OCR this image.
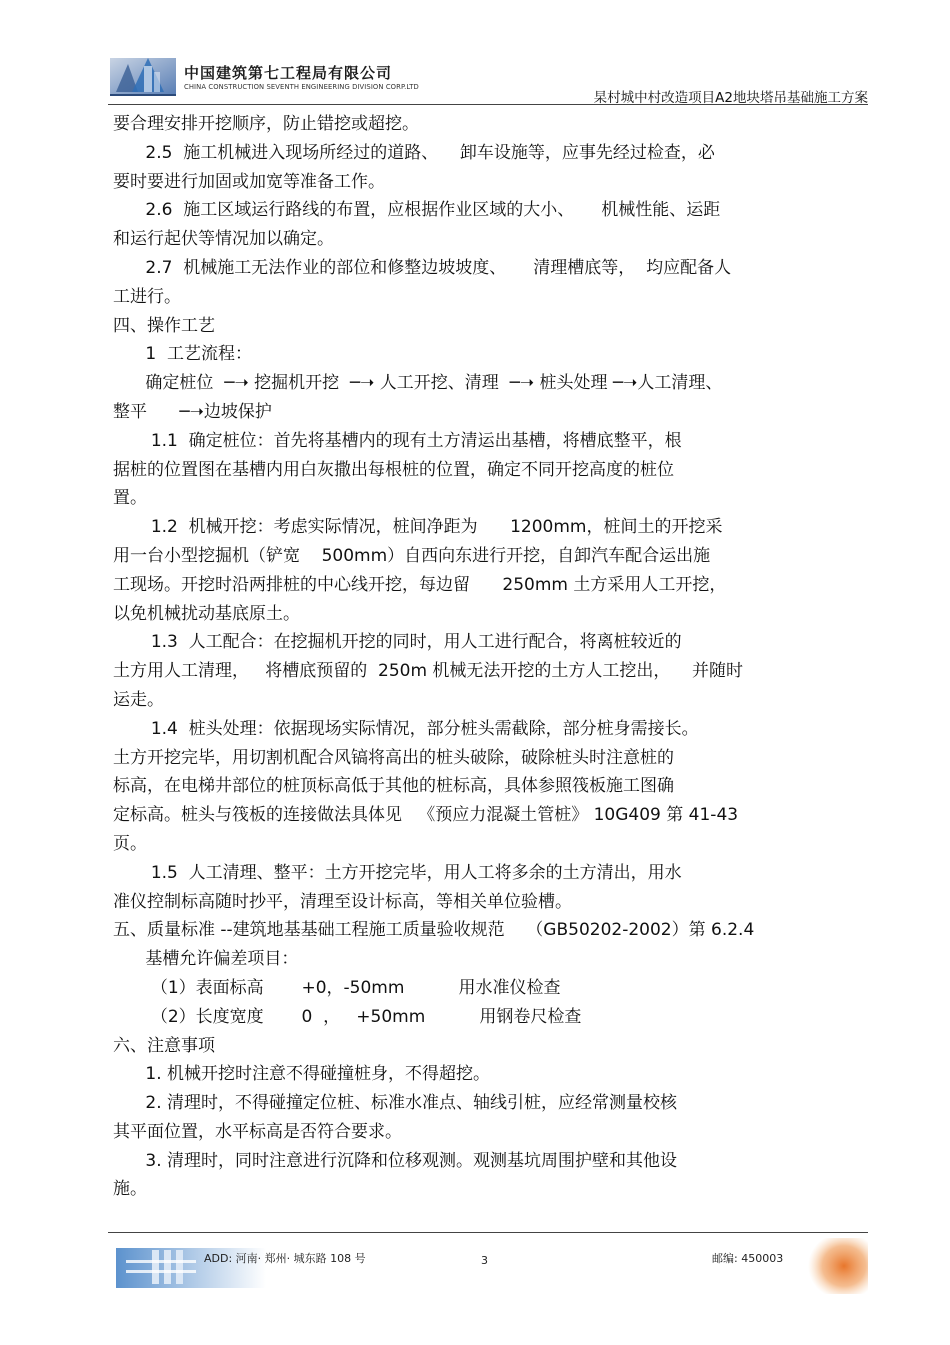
中国建筑第七工程局有限公司
CHINA CONSTRUCTION SEVENTH ENGINEERING DIVISION CORP.LTD
杲村城中村改造项目A2地块塔吊基础施工方案
要合理安排开挖顺序，防止错挖或超挖。
2.5  施工机械进入现场所经过的道路、    卸车设施等，应事先经过检查，必
要时要进行加固或加宽等准备工作。
2.6  施工区域运行路线的布置，应根据作业区域的大小、     机械性能、运距
和运行起伏等情况加以确定。
2.7  机械施工无法作业的部位和修整边坡坡度、     清理槽底等，  均应配备人
工进行。
四、操作工艺
1  工艺流程：
确定桩位  ─➝ 挖掘机开挖  ─➝ 人工开挖、清理  ─➝ 桩头处理 ─➝人工清理、
整平      ─➝边坡保护
1.1  确定桩位：首先将基槽内的现有土方清运出基槽，将槽底整平，根
据桩的位置图在基槽内用白灰撒出每根桩的位置，确定不同开挖高度的桩位
置。
1.2  机械开挖：考虑实际情况，桩间净距为      1200mm，桩间土的开挖采
用一台小型挖掘机（铲宽    500mm）自西向东进行开挖，自卸汽车配合运出施
工现场。开挖时沿两排桩的中心线开挖，每边留      250mm 土方采用人工开挖，
以免机械扰动基底原土。
1.3  人工配合：在挖掘机开挖的同时，用人工进行配合，将离桩较近的
土方用人工清理，   将槽底预留的  250m 机械无法开挖的土方人工挖出，    并随时
运走。
1.4  桩头处理：依据现场实际情况，部分桩头需截除，部分桩身需接长。
土方开挖完毕，用切割机配合风镐将高出的桩头破除，破除桩头时注意桩的
标高，在电梯井部位的桩顶标高低于其他的桩标高，具体参照筏板施工图确
定标高。桩头与筏板的连接做法具体见   《预应力混凝土管桩》 10G409 第 41-43
页。
1.5  人工清理、整平：土方开挖完毕，用人工将多余的土方清出，用水
准仪控制标高随时抄平，清理至设计标高，等相关单位验槽。
五、质量标准 --建筑地基基础工程施工质量验收规范    （GB50202-2002）第 6.2.4
基槽允许偏差项目：
（1）表面标高       +0，-50mm          用水准仪检查
（2）长度宽度       0  ，   +50mm          用钢卷尺检查
六、注意事项
1. 机械开挖时注意不得碰撞桩身，不得超挖。
2. 清理时，不得碰撞定位桩、标准水准点、轴线引桩，应经常测量校核
其平面位置，水平标高是否符合要求。
3. 清理时，同时注意进行沉降和位移观测。观测基坑周围护壁和其他设
施。
ADD: 河南· 郑州· 城东路 108 号	3	邮编: 450003
